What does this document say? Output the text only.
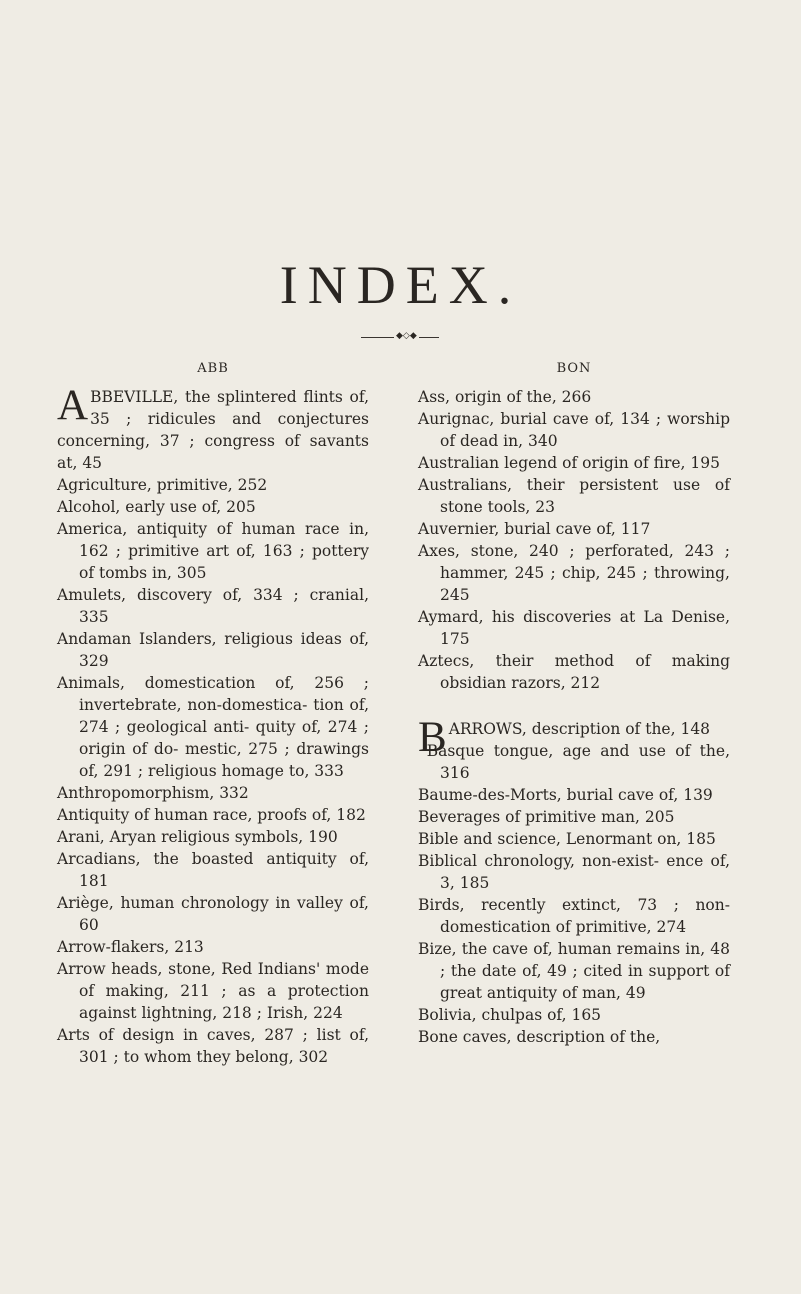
INDEX.
◆◇◆
ABB
A BBEVILLE, the splintered flints of, 35 ; ridicules and conjectures concerning, 37 ; congress of savants at, 45
Agriculture, primitive, 252
Alcohol, early use of, 205
America, antiquity of human race in, 162 ; primitive art of, 163 ; pottery of tombs in, 305
Amulets, discovery of, 334 ; cranial, 335
Andaman Islanders, religious ideas of, 329
Animals, domestication of, 256 ; invertebrate, non-domestica- tion of, 274 ; geological anti- quity of, 274 ; origin of do- mestic, 275 ; drawings of, 291 ; religious homage to, 333
Anthropomorphism, 332
Antiquity of human race, proofs of, 182
Arani, Aryan religious symbols, 190
Arcadians, the boasted antiquity of, 181
Ariège, human chronology in valley of, 60
Arrow-flakers, 213
Arrow heads, stone, Red Indians' mode of making, 211 ; as a protection against lightning, 218 ; Irish, 224
Arts of design in caves, 287 ; list of, 301 ; to whom they belong, 302
BON
Ass, origin of the, 266
Aurignac, burial cave of, 134 ; worship of dead in, 340
Australian legend of origin of fire, 195
Australians, their persistent use of stone tools, 23
Auvernier, burial cave of, 117
Axes, stone, 240 ; perforated, 243 ; hammer, 245 ; chip, 245 ; throwing, 245
Aymard, his discoveries at La Denise, 175
Aztecs, their method of making obsidian razors, 212
B ARROWS, description of the, 148
Basque tongue, age and use of the, 316
Baume-des-Morts, burial cave of, 139
Beverages of primitive man, 205
Bible and science, Lenormant on, 185
Biblical chronology, non-exist- ence of, 3, 185
Birds, recently extinct, 73 ; non- domestication of primitive, 274
Bize, the cave of, human remains in, 48 ; the date of, 49 ; cited in support of great antiquity of man, 49
Bolivia, chulpas of, 165
Bone caves, description of the,
